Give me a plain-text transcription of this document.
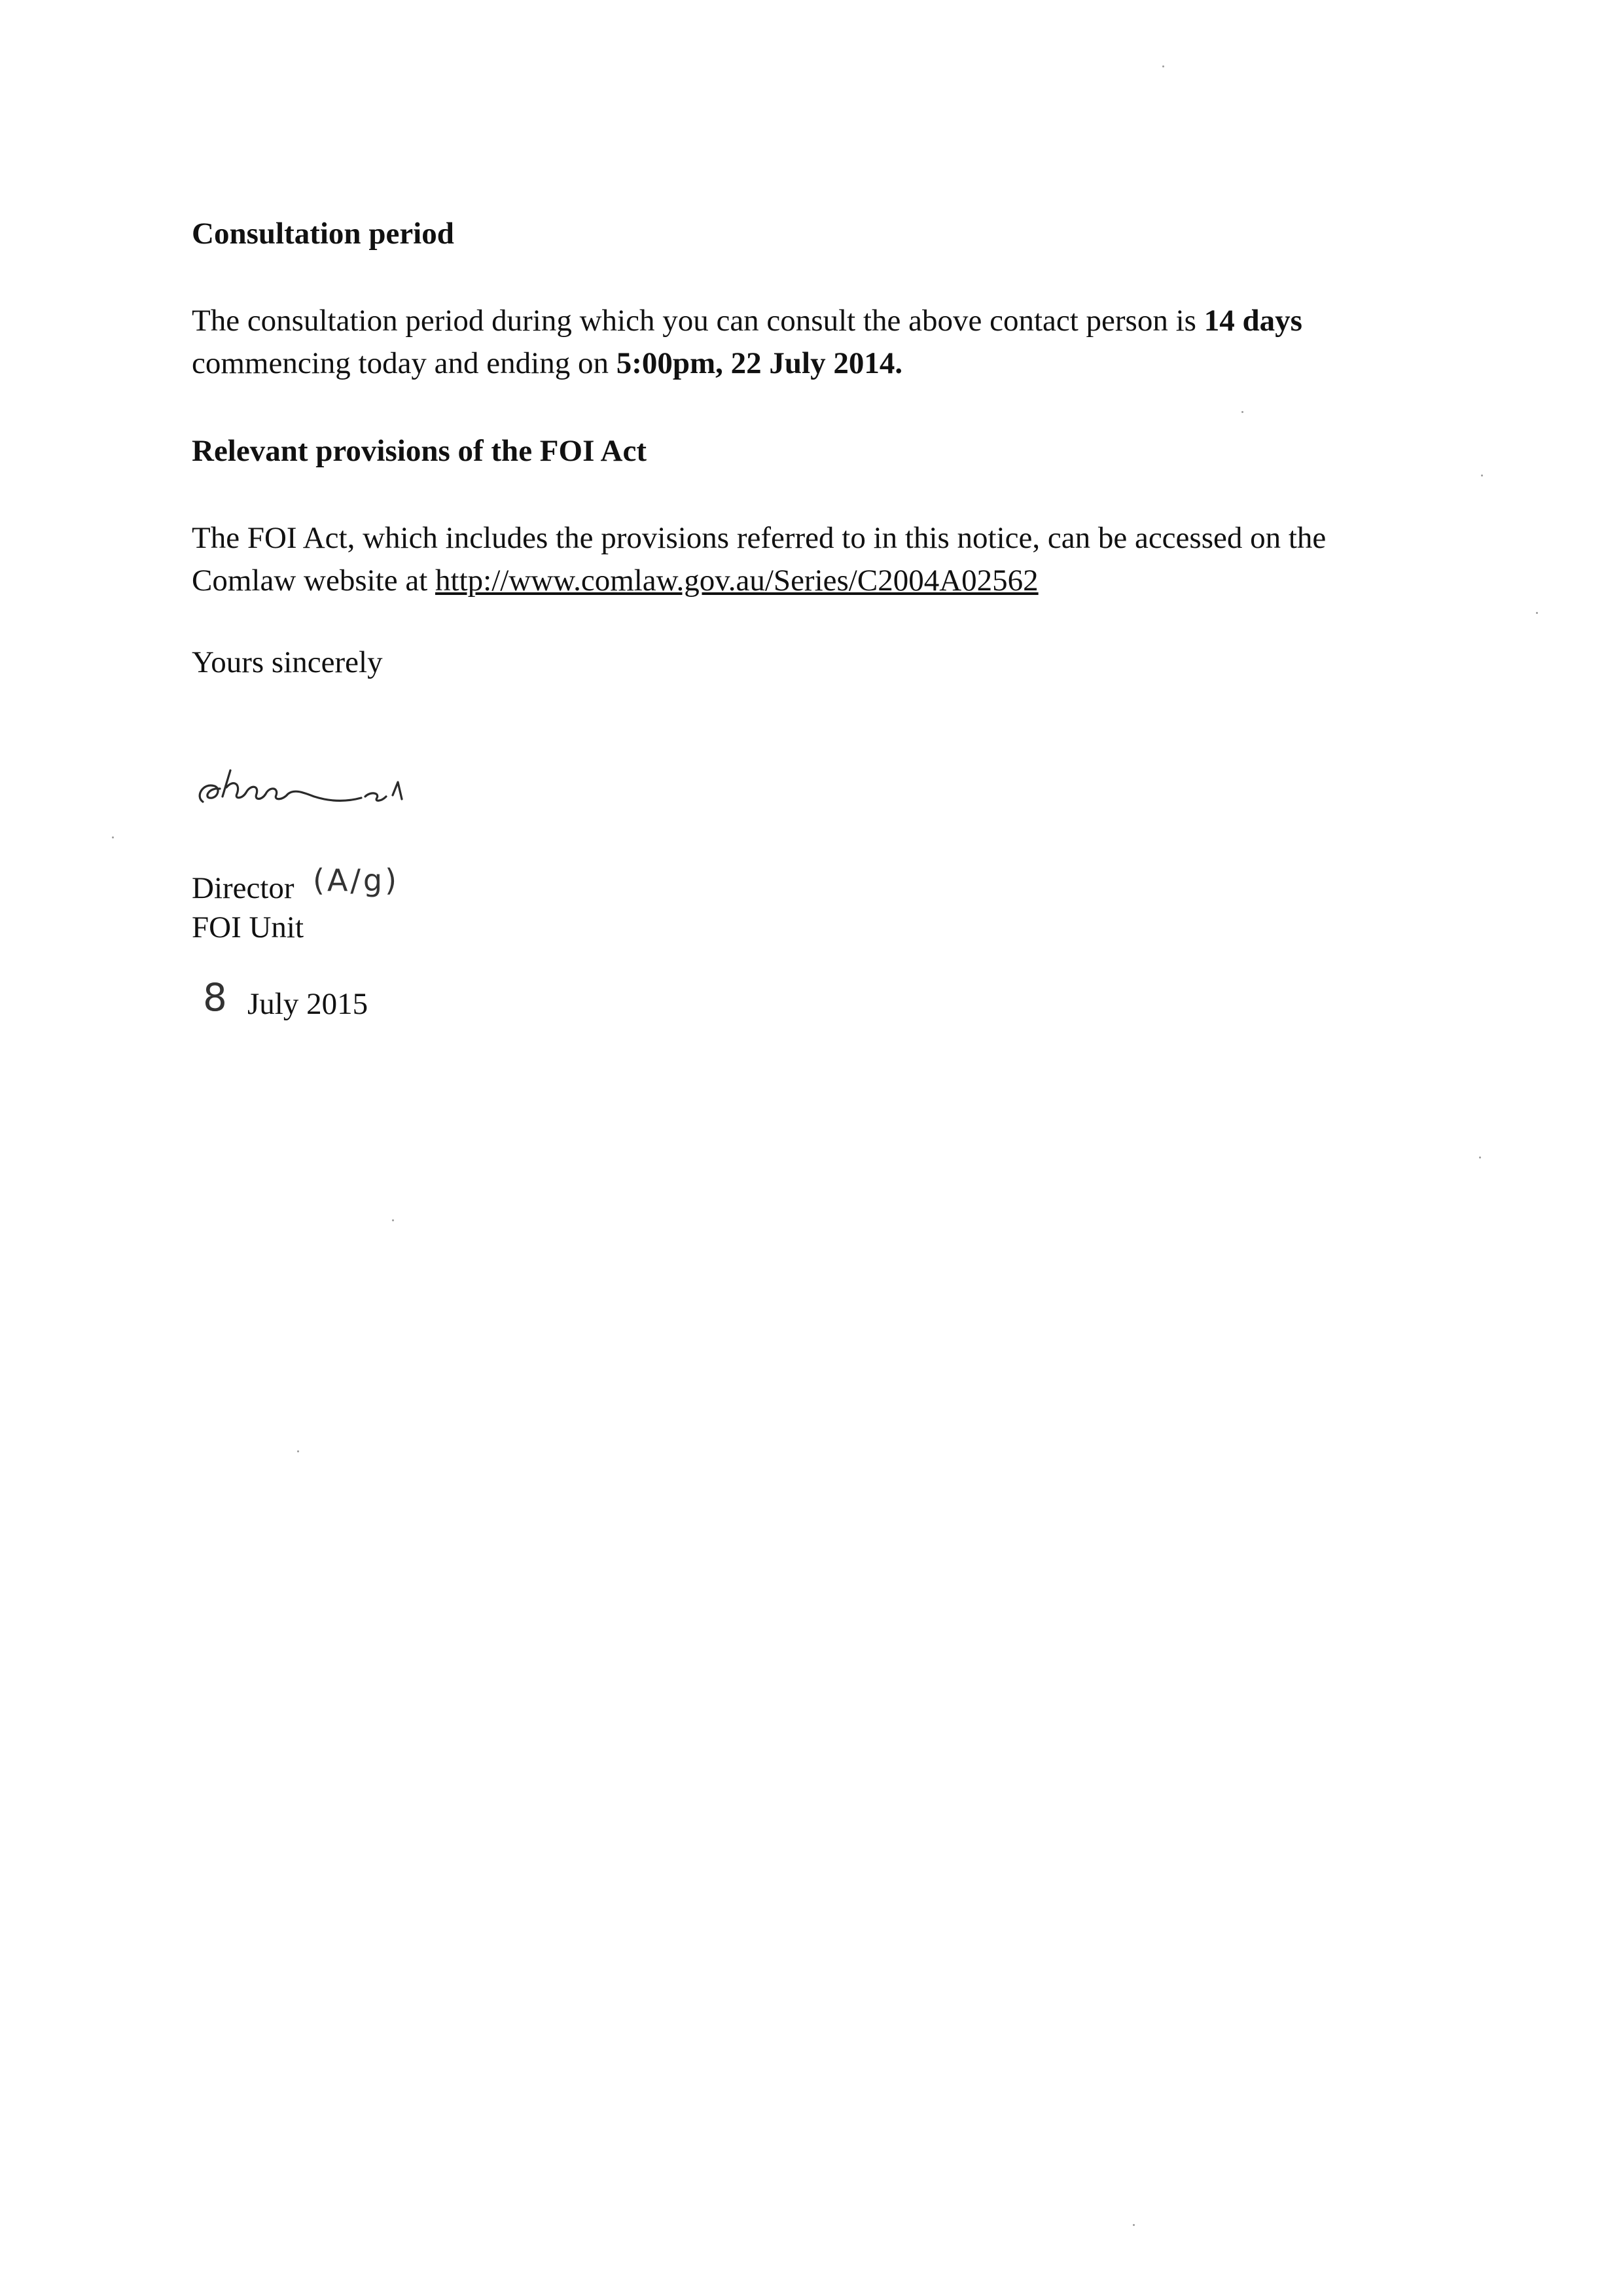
Consultation period
The consultation period during which you can consult the above contact person is 14 days
commencing today and ending on 5:00pm, 22 July 2014.
Relevant provisions of the FOI Act
The FOI Act, which includes the provisions referred to in this notice, can be accessed on the
Comlaw website at http://www.comlaw.gov.au/Series/C2004A02562
Yours sincerely
Director (A/g)
FOI Unit
8 July 2015
